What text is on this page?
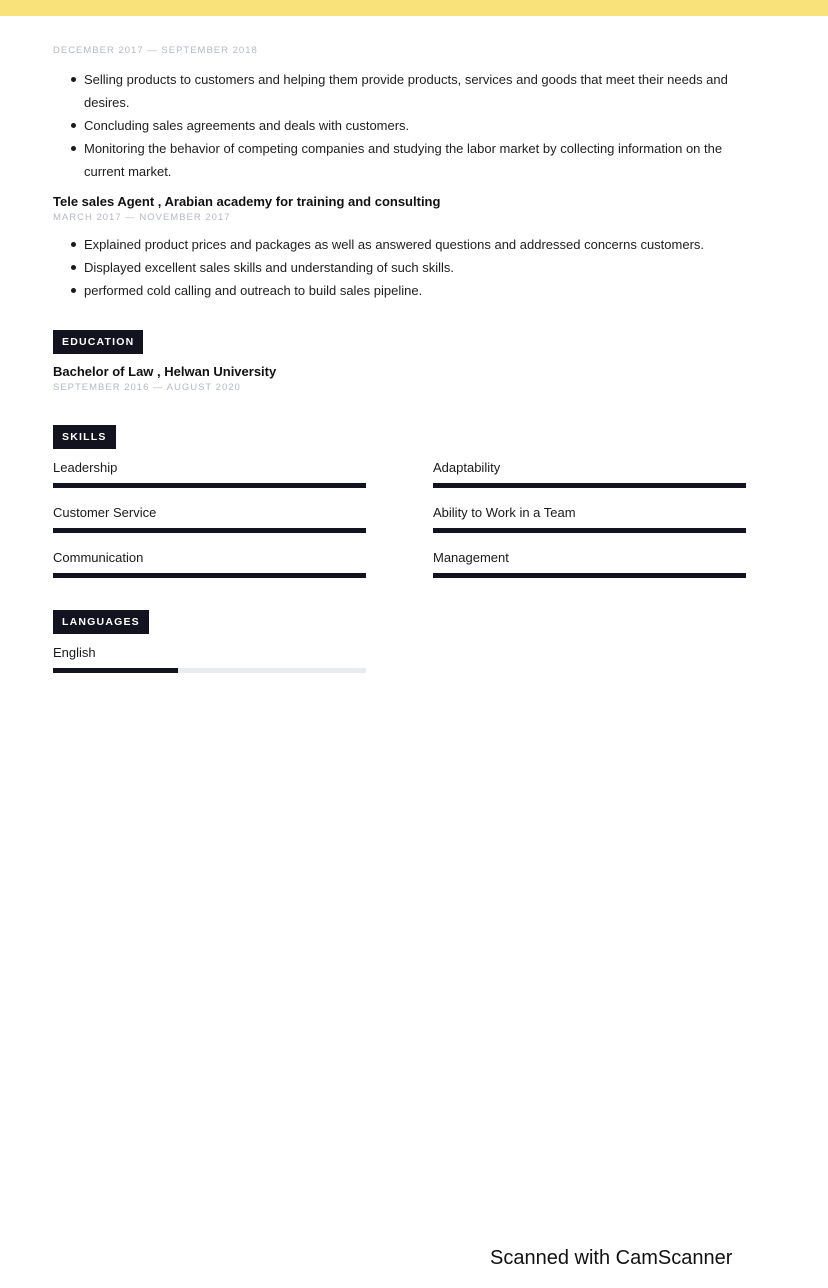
DECEMBER 2017 — SEPTEMBER 2018

Selling products to customers and helping them provide products, services and goods that meet their needs and desires.
Concluding sales agreements and deals with customers.
Monitoring the behavior of competing companies and studying the labor market by collecting information on the current market.

Tele sales Agent , Arabian academy for training and consulting

MARCH 2017 — NOVEMBER 2017

Explained product prices and packages as well as answered questions and addressed concerns customers.
Displayed excellent sales skills and understanding of such skills.
performed cold calling and outreach to build sales pipeline.
EDUCATION

Bachelor of Law , Helwan University

SEPTEMBER 2016 — AUGUST 2020

SKILLS

Leadership	Adaptability

Customer Service	Ability to Work in a Team

Communication	Management

LANGUAGES

English

Scanned with CamScanner
